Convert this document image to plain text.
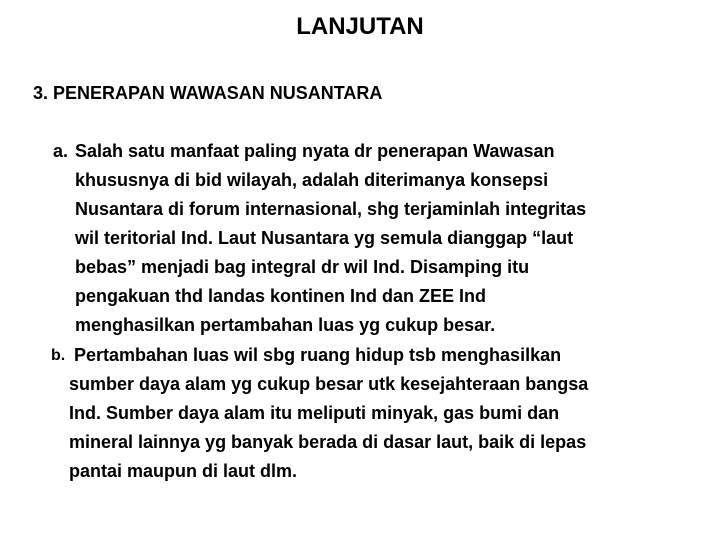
LANJUTAN
3. PENERAPAN WAWASAN NUSANTARA
a. Salah satu manfaat paling nyata dr penerapan Wawasan
khususnya di bid wilayah, adalah diterimanya konsepsi
Nusantara di forum internasional, shg terjaminlah integritas
wil teritorial Ind. Laut Nusantara yg semula dianggap “laut
bebas” menjadi bag integral dr wil Ind. Disamping itu
pengakuan thd landas kontinen Ind dan ZEE Ind
menghasilkan pertambahan luas yg cukup besar.
b. Pertambahan luas wil sbg ruang hidup tsb menghasilkan
sumber daya alam yg cukup besar utk kesejahteraan bangsa
Ind. Sumber daya alam itu meliputi minyak, gas bumi dan
mineral lainnya yg banyak berada di dasar laut, baik di lepas
pantai maupun di laut dlm.
